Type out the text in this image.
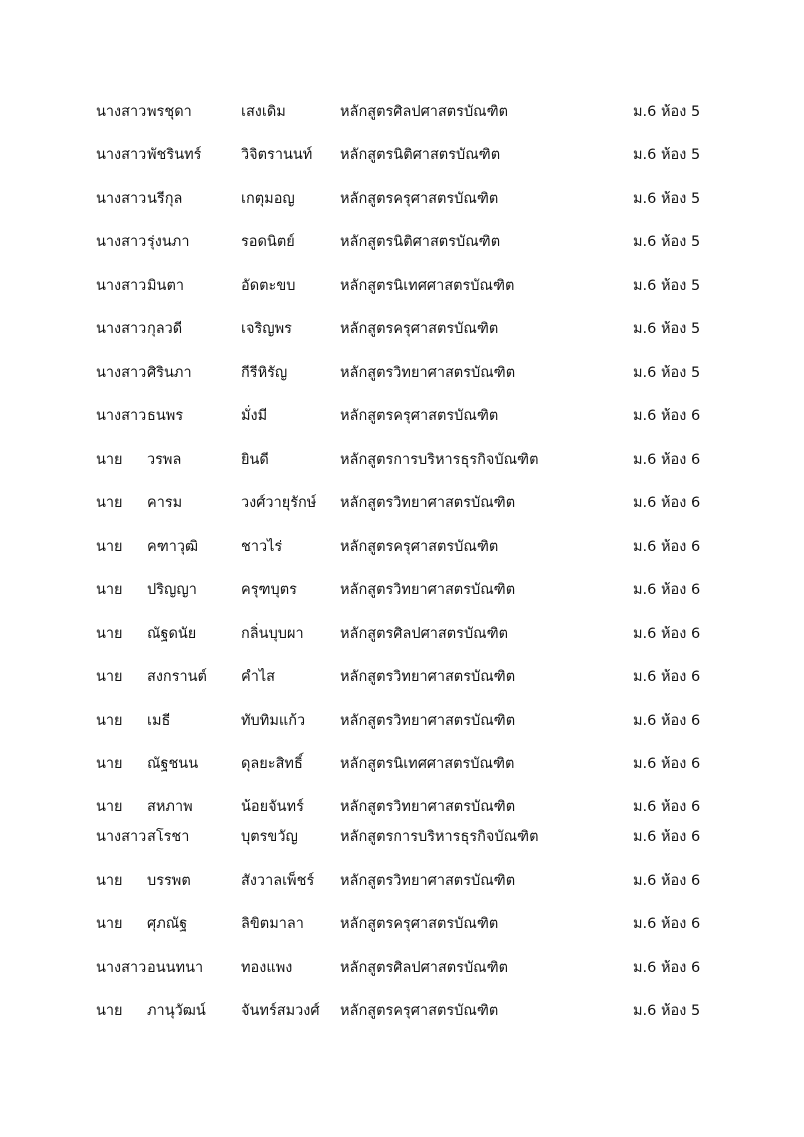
นางสาว พรชุดา	เสงเดิม	หลักสูตรศิลปศาสตรบัณฑิต	ม.6 ห้อง 5
นางสาว พัชรินทร์	วิจิตรานนท์ หลักสูตรนิติศาสตรบัณฑิต	ม.6 ห้อง 5
นางสาว นรีกุล	เกตุมอญ	หลักสูตรครุศาสตรบัณฑิต	ม.6 ห้อง 5
นางสาว รุ่งนภา	รอดนิตย์	หลักสูตรนิติศาสตรบัณฑิต	ม.6 ห้อง 5
นางสาว มินตา	อัดตะขบ	หลักสูตรนิเทศศาสตรบัณฑิต	ม.6 ห้อง 5
นางสาว กุลวดี	เจริญพร	หลักสูตรครุศาสตรบัณฑิต	ม.6 ห้อง 5
นางสาว ศิรินภา	กีรีหิรัญ	หลักสูตรวิทยาศาสตรบัณฑิต	ม.6 ห้อง 5
นางสาว ธนพร	มั่งมี	หลักสูตรครุศาสตรบัณฑิต	ม.6 ห้อง 6
นาย วรพล	ยินดี	หลักสูตรการบริหารธุรกิจบัณฑิต	ม.6 ห้อง 6
นาย คารม	วงศ์วายุรักษ์ หลักสูตรวิทยาศาสตรบัณฑิต	ม.6 ห้อง 6
นาย คฑาวุฒิ	ชาวไร่	หลักสูตรครุศาสตรบัณฑิต	ม.6 ห้อง 6
นาย ปริญญา	ครุฑบุตร	หลักสูตรวิทยาศาสตรบัณฑิต	ม.6 ห้อง 6
นาย ณัฐดนัย	กลิ่นบุบผา	หลักสูตรศิลปศาสตรบัณฑิต	ม.6 ห้อง 6
นาย สงกรานต์ คำไส	หลักสูตรวิทยาศาสตรบัณฑิต	ม.6 ห้อง 6
นาย เมธี	ทับทิมแก้ว หลักสูตรวิทยาศาสตรบัณฑิต	ม.6 ห้อง 6
นาย ณัฐชนน	ดุลยะสิทธิ์	หลักสูตรนิเทศศาสตรบัณฑิต	ม.6 ห้อง 6
นาย สหภาพ	น้อยจันทร์ หลักสูตรวิทยาศาสตรบัณฑิต	ม.6 ห้อง 6
นางสาว สโรชา	บุตรขวัญ	หลักสูตรการบริหารธุรกิจบัณฑิต	ม.6 ห้อง 6
นาย บรรพต	สังวาลเพ็ชร์ หลักสูตรวิทยาศาสตรบัณฑิต	ม.6 ห้อง 6
นาย ศุภณัฐ	ลิขิตมาลา หลักสูตรครุศาสตรบัณฑิต	ม.6 ห้อง 6
นางสาว อนนทนา	ทองแพง	หลักสูตรศิลปศาสตรบัณฑิต	ม.6 ห้อง 6
นาย ภานุวัฒน์ จันทร์สมวงศ์ หลักสูตรครุศาสตรบัณฑิต	ม.6 ห้อง 5
